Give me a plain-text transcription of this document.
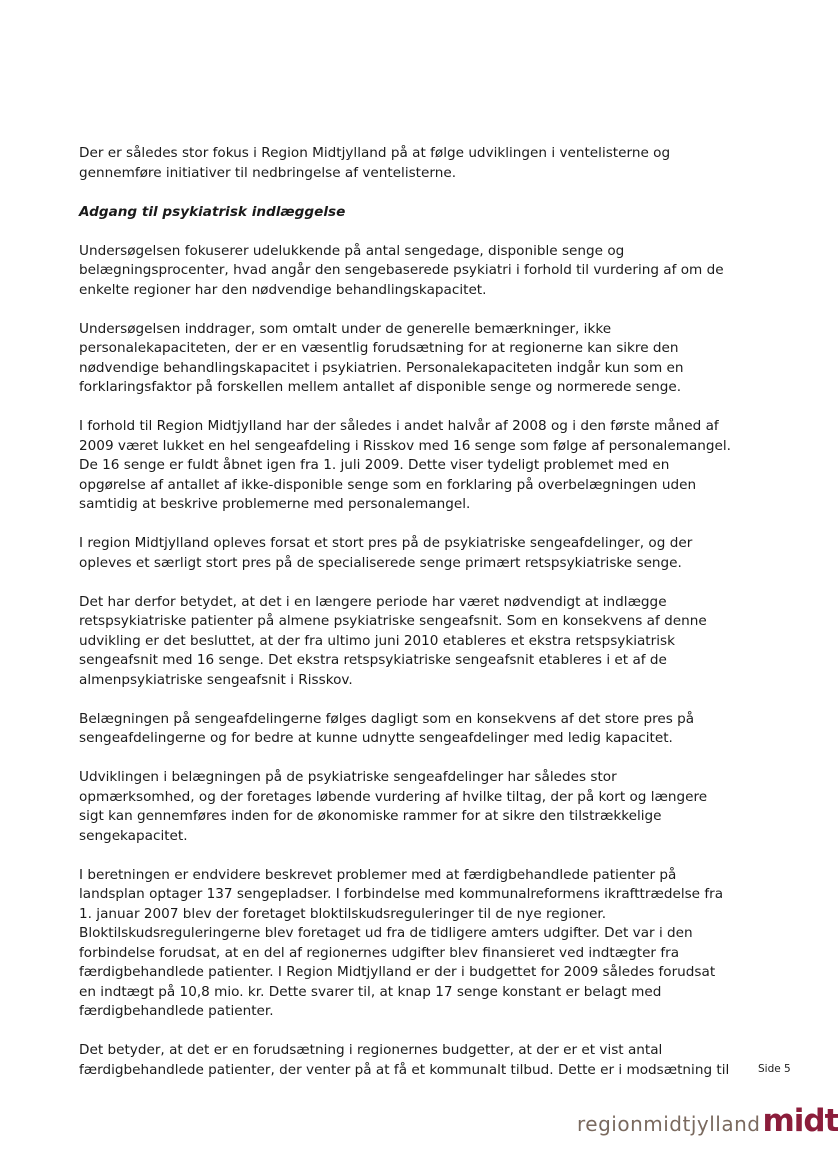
Der er således stor fokus i Region Midtjylland på at følge udviklingen i ventelisterne og
gennemføre initiativer til nedbringelse af ventelisterne.

Adgang til psykiatrisk indlæggelse

Undersøgelsen fokuserer udelukkende på antal sengedage, disponible senge og
belægningsprocenter, hvad angår den sengebaserede psykiatri i forhold til vurdering af om de
enkelte regioner har den nødvendige behandlingskapacitet.

Undersøgelsen inddrager, som omtalt under de generelle bemærkninger, ikke
personalekapaciteten, der er en væsentlig forudsætning for at regionerne kan sikre den
nødvendige behandlingskapacitet i psykiatrien. Personalekapaciteten indgår kun som en
forklaringsfaktor på forskellen mellem antallet af disponible senge og normerede senge.

I forhold til Region Midtjylland har der således i andet halvår af 2008 og i den første måned af
2009 været lukket en hel sengeafdeling i Risskov med 16 senge som følge af personalemangel.
De 16 senge er fuldt åbnet igen fra 1. juli 2009. Dette viser tydeligt problemet med en
opgørelse af antallet af ikke-disponible senge som en forklaring på overbelægningen uden
samtidig at beskrive problemerne med personalemangel.

I region Midtjylland opleves forsat et stort pres på de psykiatriske sengeafdelinger, og der
opleves et særligt stort pres på de specialiserede senge primært retspsykiatriske senge.

Det har derfor betydet, at det i en længere periode har været nødvendigt at indlægge
retspsykiatriske patienter på almene psykiatriske sengeafsnit. Som en konsekvens af denne
udvikling er det besluttet, at der fra ultimo juni 2010 etableres et ekstra retspsykiatrisk
sengeafsnit med 16 senge. Det ekstra retspsykiatriske sengeafsnit etableres i et af de
almenpsykiatriske sengeafsnit i Risskov.

Belægningen på sengeafdelingerne følges dagligt som en konsekvens af det store pres på
sengeafdelingerne og for bedre at kunne udnytte sengeafdelinger med ledig kapacitet.

Udviklingen i belægningen på de psykiatriske sengeafdelinger har således stor
opmærksomhed, og der foretages løbende vurdering af hvilke tiltag, der på kort og længere
sigt kan gennemføres inden for de økonomiske rammer for at sikre den tilstrækkelige
sengekapacitet.

I beretningen er endvidere beskrevet problemer med at færdigbehandlede patienter på
landsplan optager 137 sengepladser. I forbindelse med kommunalreformens ikrafttrædelse fra
1. januar 2007 blev der foretaget bloktilskudsreguleringer til de nye regioner.
Bloktilskudsreguleringerne blev foretaget ud fra de tidligere amters udgifter. Det var i den
forbindelse forudsat, at en del af regionernes udgifter blev finansieret ved indtægter fra
færdigbehandlede patienter. I Region Midtjylland er der i budgettet for 2009 således forudsat
en indtægt på 10,8 mio. kr. Dette svarer til, at knap 17 senge konstant er belagt med
færdigbehandlede patienter.

Det betyder, at det er en forudsætning i regionernes budgetter, at der er et vist antal
færdigbehandlede patienter, der venter på at få et kommunalt tilbud. Dette er i modsætning til	Side 5
regionmidtjyllandmidt
